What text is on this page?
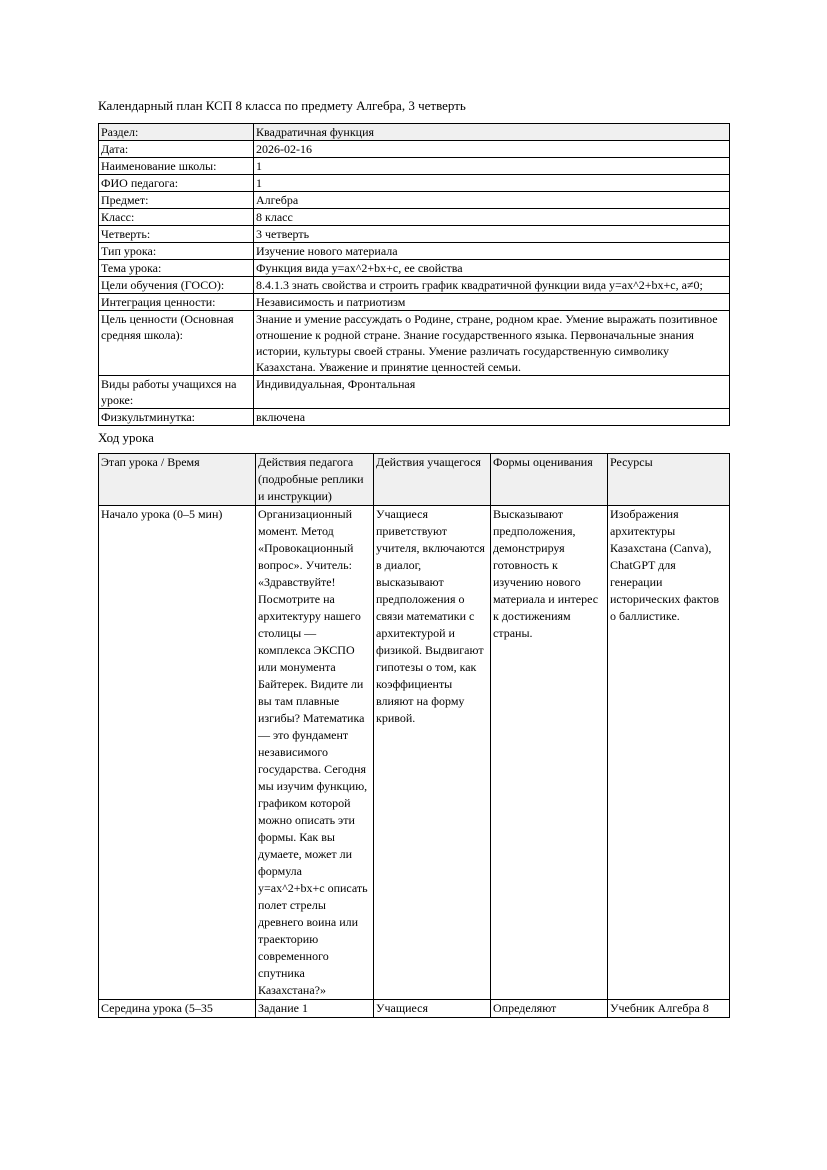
Календарный план КСП 8 класса по предмету Алгебра, 3 четверть
Раздел:	Квадратичная функция
Дата:	2026-02-16
Наименование школы:	1
ФИО педагога:	1
Предмет:	Алгебра
Класс:	8 класс
Четверть:	3 четверть
Тип урока:	Изучение нового материала
Тема урока:	Функция вида y=ax^2+bx+c, ее свойства
Цели обучения (ГОСО):	8.4.1.3 знать свойства и строить график квадратичной функции вида y=ax^2+bx+c, a≠0;
Интеграция ценности:	Независимость и патриотизм
Цель ценности (Основная средняя школа):	Знание и умение рассуждать о Родине, стране, родном крае. Умение выражать позитивное отношение к родной стране. Знание государственного языка. Первоначальные знания истории, культуры своей страны. Умение различать государственную символику Казахстана. Уважение и принятие ценностей семьи.
Виды работы учащихся на уроке:	Индивидуальная, Фронтальная
Физкультминутка:	включена
Ход урока
Этап урока / Время	Действия педагога (подробные реплики и инструкции)	Действия учащегося	Формы оценивания	Ресурсы
Начало урока (0–5 мин)	Организационный момент. Метод «Провокационный вопрос». Учитель: «Здравствуйте! Посмотрите на архитектуру нашего столицы — комплекса ЭКСПО или монумента Байтерек. Видите ли вы там плавные изгибы? Математика — это фундамент независимого государства. Сегодня мы изучим функцию, графиком которой можно описать эти формы. Как вы думаете, может ли формула y=ax^2+bx+c описать полет стрелы древнего воина или траекторию современного спутника Казахстана?»	Учащиеся приветствуют учителя, включаются в диалог, высказывают предположения о связи математики с архитектурой и физикой. Выдвигают гипотезы о том, как коэффициенты влияют на форму кривой.	Высказывают предположения, демонстрируя готовность к изучению нового материала и интерес к достижениям страны.	Изображения архитектуры Казахстана (Canva), ChatGPT для генерации исторических фактов о баллистике.
Середина урока (5–35	Задание 1	Учащиеся	Определяют	Учебник Алгебра 8
